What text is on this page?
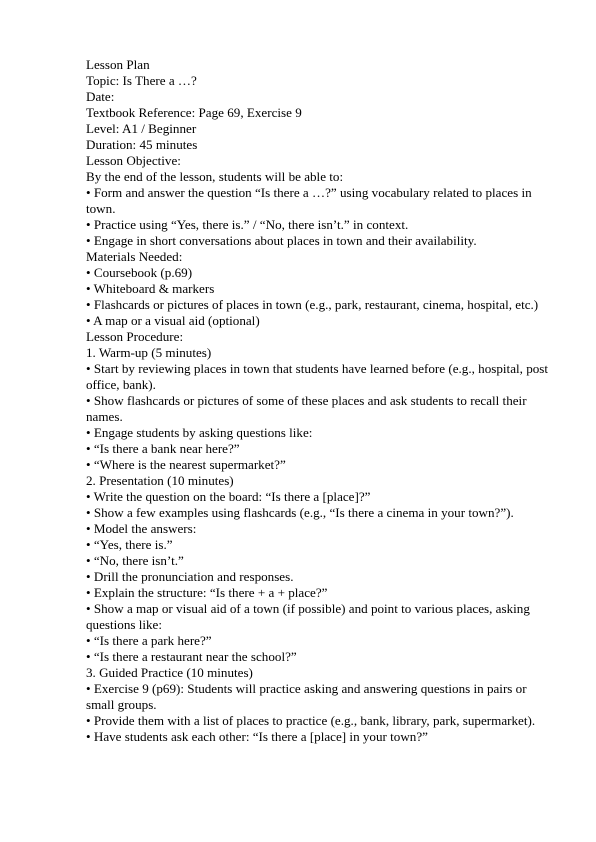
Lesson Plan
Topic: Is There a …?
Date:
Textbook Reference: Page 69, Exercise 9
Level: A1 / Beginner
Duration: 45 minutes
Lesson Objective:
By the end of the lesson, students will be able to:
• Form and answer the question “Is there a …?” using vocabulary related to places in town.
• Practice using “Yes, there is.” / “No, there isn’t.” in context.
• Engage in short conversations about places in town and their availability.
Materials Needed:
• Coursebook (p.69)
• Whiteboard & markers
• Flashcards or pictures of places in town (e.g., park, restaurant, cinema, hospital, etc.)
• A map or a visual aid (optional)
Lesson Procedure:
1. Warm-up (5 minutes)
• Start by reviewing places in town that students have learned before (e.g., hospital, post office, bank).
• Show flashcards or pictures of some of these places and ask students to recall their names.
• Engage students by asking questions like:
• “Is there a bank near here?”
• “Where is the nearest supermarket?”
2. Presentation (10 minutes)
• Write the question on the board: “Is there a [place]?”
• Show a few examples using flashcards (e.g., “Is there a cinema in your town?”).
• Model the answers:
• “Yes, there is.”
• “No, there isn’t.”
• Drill the pronunciation and responses.
• Explain the structure: “Is there + a + place?”
• Show a map or visual aid of a town (if possible) and point to various places, asking questions like:
• “Is there a park here?”
• “Is there a restaurant near the school?”
3. Guided Practice (10 minutes)
• Exercise 9 (p69): Students will practice asking and answering questions in pairs or small groups.
• Provide them with a list of places to practice (e.g., bank, library, park, supermarket).
• Have students ask each other: “Is there a [place] in your town?”
